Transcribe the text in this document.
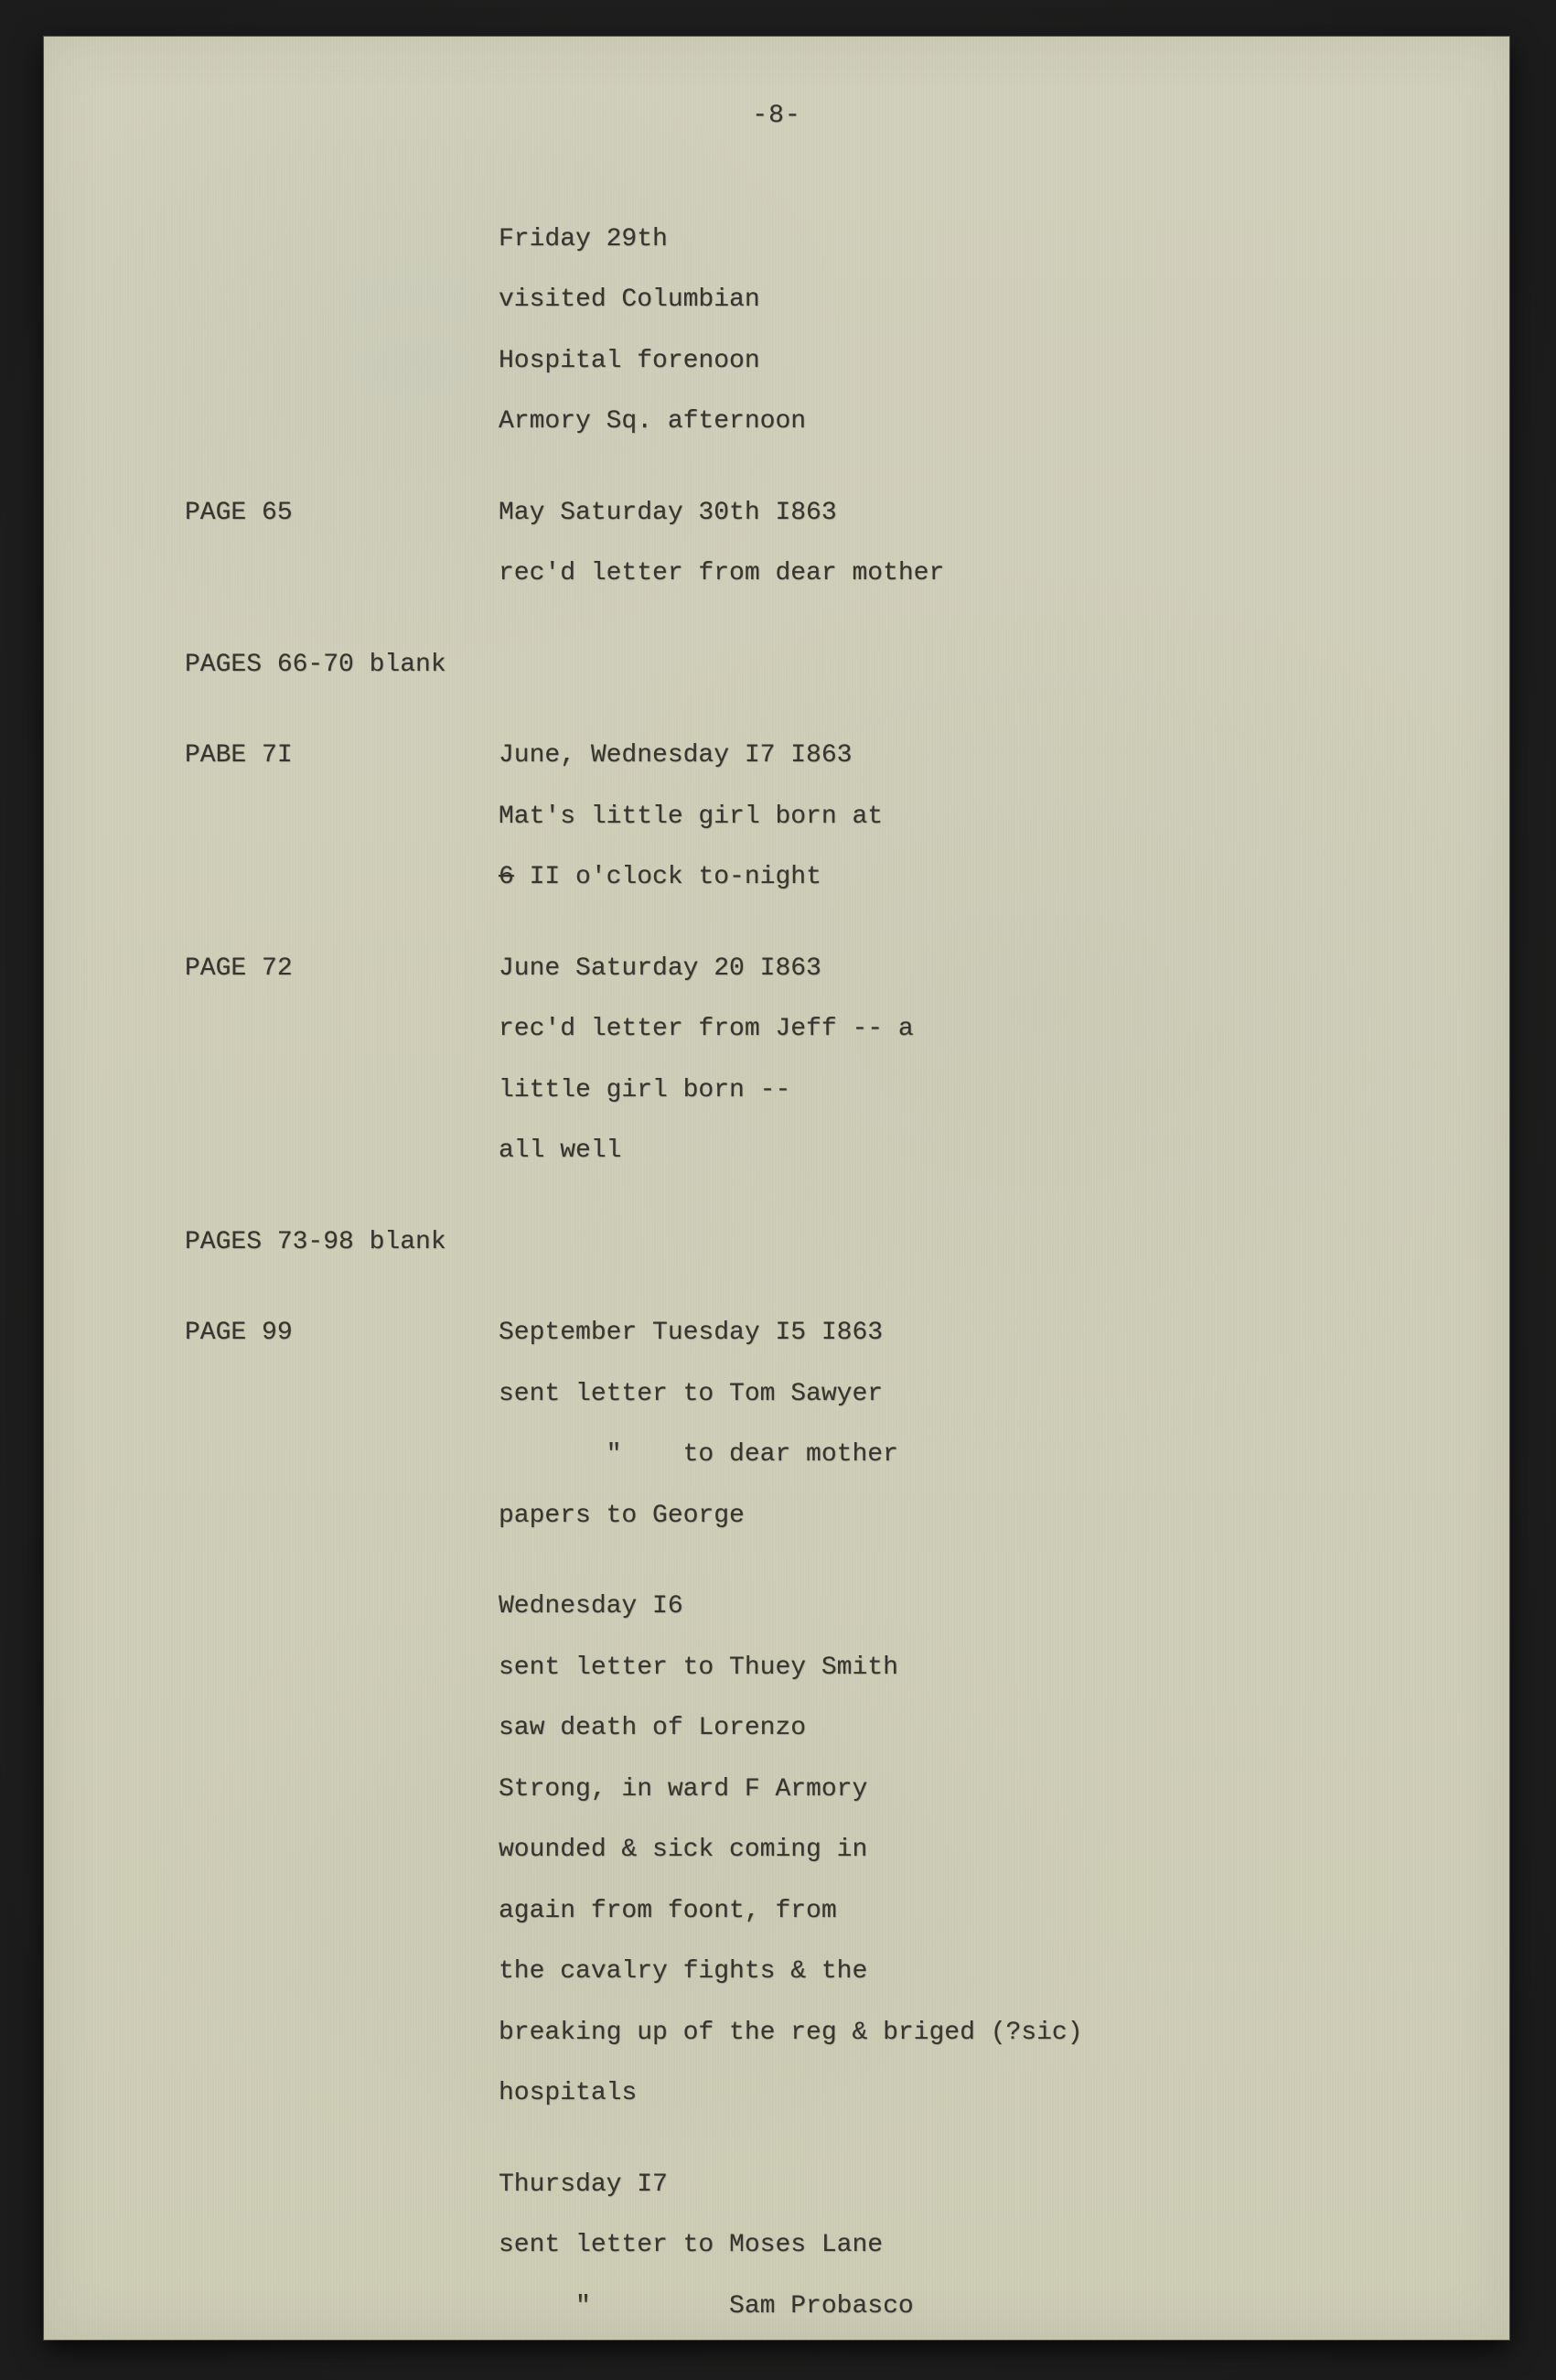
-8-
Friday 29th
visited Columbian
Hospital forenoon
Armory Sq. afternoon
PAGE 65	May Saturday 30th I863
rec'd letter from dear mother
PAGES 66-70 blank
PABE 7I	June, Wednesday I7 I863
Mat's little girl born at
6 II o'clock to-night
PAGE 72	June Saturday 20 I863
rec'd letter from Jeff -- a
little girl born --
all well
PAGES 73-98 blank
PAGE 99	September Tuesday I5 I863
sent letter to Tom Sawyer
"    to dear mother
papers to George
Wednesday I6
sent letter to Thuey Smith
saw death of Lorenzo
Strong, in ward F Armory
wounded & sick coming in
again from foont, from
the cavalry fights & the
breaking up of the reg & briged (?sic)
hospitals
Thursday I7
sent letter to Moses Lane
"         Sam Probasco
